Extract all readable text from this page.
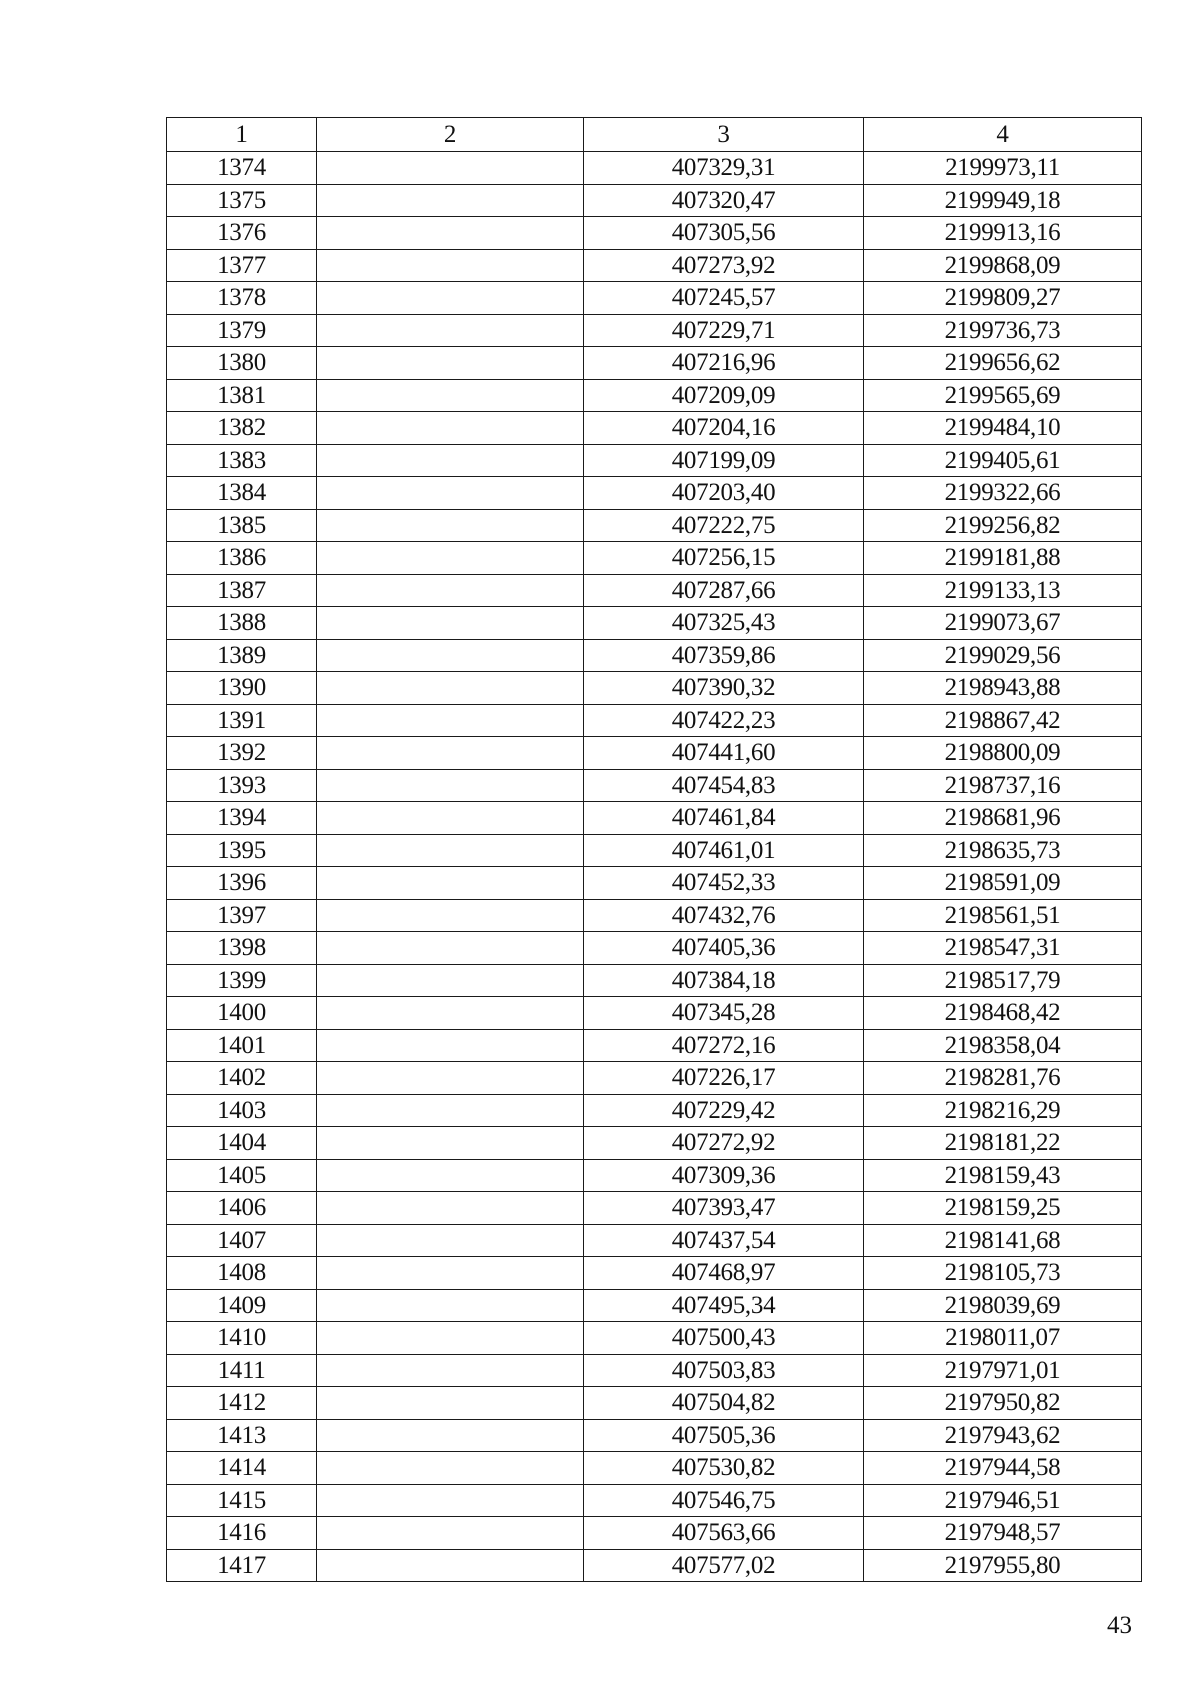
1	2	3	4
1374		407329,31	2199973,11
1375		407320,47	2199949,18
1376		407305,56	2199913,16
1377		407273,92	2199868,09
1378		407245,57	2199809,27
1379		407229,71	2199736,73
1380		407216,96	2199656,62
1381		407209,09	2199565,69
1382		407204,16	2199484,10
1383		407199,09	2199405,61
1384		407203,40	2199322,66
1385		407222,75	2199256,82
1386		407256,15	2199181,88
1387		407287,66	2199133,13
1388		407325,43	2199073,67
1389		407359,86	2199029,56
1390		407390,32	2198943,88
1391		407422,23	2198867,42
1392		407441,60	2198800,09
1393		407454,83	2198737,16
1394		407461,84	2198681,96
1395		407461,01	2198635,73
1396		407452,33	2198591,09
1397		407432,76	2198561,51
1398		407405,36	2198547,31
1399		407384,18	2198517,79
1400		407345,28	2198468,42
1401		407272,16	2198358,04
1402		407226,17	2198281,76
1403		407229,42	2198216,29
1404		407272,92	2198181,22
1405		407309,36	2198159,43
1406		407393,47	2198159,25
1407		407437,54	2198141,68
1408		407468,97	2198105,73
1409		407495,34	2198039,69
1410		407500,43	2198011,07
1411		407503,83	2197971,01
1412		407504,82	2197950,82
1413		407505,36	2197943,62
1414		407530,82	2197944,58
1415		407546,75	2197946,51
1416		407563,66	2197948,57
1417		407577,02	2197955,80
43
